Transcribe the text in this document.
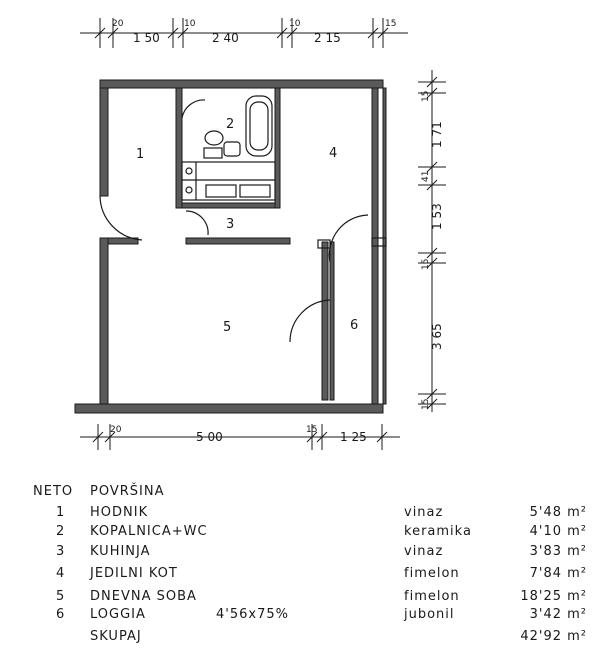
20
1 50
10
2 40
10
2 15
15
20	5 00	15 1 25
15
1 71
41
1 53
15
3 65
15
1
2
3
4
5	6
NETO POVRŠINA
1 HODNIK	vinaz	5'48 m²
2 KOPALNICA+WC	keramika	4'10 m²
3 KUHINJA	vinaz	3'83 m²
4 JEDILNI KOT	fimelon	7'84 m²
5 DNEVNA SOBA	fimelon	18'25 m²
6 LOGGIA	4'56x75%	jubonil	3'42 m²
SKUPAJ	42'92 m²
